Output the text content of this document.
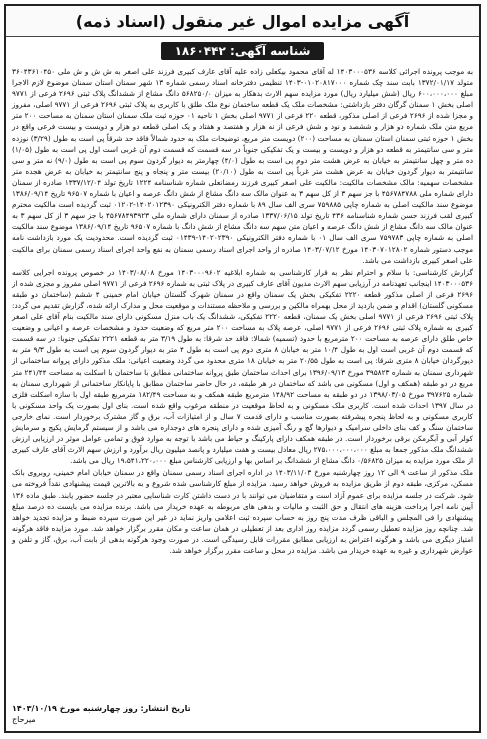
آگهی مزایده اموال غیر منقول (اسناد ذمه)
شناسه آگهی: ۱۸۶۰۴۴۲

به موجب پرونده اجرائی کلاسه ۱۴۰۳۰۰۰۵۳۶ له آقای محمود بیکعلی زاده علیه آقای عارف کبیری فرزند علی اصغر به ش ش و ش ملی ۳۶۰۴۳۶۱۰۴۵۰ متولد ۱۳۷۲/۰۱/۱۷ بابت سند چک شماره ۰۱۰۲۰۸۱۷۰۰۰-۱۴۰۳ تنظیمی دفترخانه اسناد رسمی شماره ۱۳ شهر سمنان استان سمنان موضوع لازم الاجرا مبلغ ۶۰۰،۰۰۰،۰۰۰ ریال (شش میلیارد ریال) مورد مزایده سهم الارث بدهکار به میزان ۵۶۸۲۵۰/۰ دانگ مشاع از ششدانگ پلاک ثبتی ۲۶۹۶ فرعی از ۹۷۷۱ اصلی بخش ۱ سمنان گرگان دفتر بازداشتی: مشخصات ملک یک قطعه ساختمان نوع ملک طلق با کاربری به پلاک ثبتی ۲۶۹۶ فرعی از ۹۷۷۱ اصلی، مفروز و مجزا شده از ۲۶۹۶ فرعی از اصلی مذکور، قطعه ۲۲۰ فرعی از ۹۷۷۱ اصلی بخش ۱ ناحیه ۰۱ حوزه ثبت ملک سمنان استان سمنان به مساحت ۲۰۰ متر مربع متن ملک شماره دو هزار و ششصد و نود و شش فرعی از نه هزار و هفتصد و هفتاد و یک اصلی قطعه دو هزار و دویست و بیست فرعی واقع در بخش ۱ حوزه ثبتی سمنان استان سمنان به مساحت (۲۰۰) دویست متر مربع، توضیحات ملک به حدود شمالاً فاقد حد شرقاً پی است به طول (۳/۲۹) نوزده متر و سی سانتیمتر به قطعه دو هزار و دویست و بیست و یک تفکیکی جنوباً در سه قسمت که قسمت دوم آن غربی است اول پی است به طول (۱/۰۵) ده متر و چهل سانتیمتر به خیابان به عرض هشت متر دوم پی است به طول (۴/۰) چهارمتر به دیوار گردون سوم پی است به طول (۹/۰) نه متر و سی سانتیمتر به دیوار گردون خیابان به عرض هشت متر غرباً پی است به طول (۲۰/۱۰) بیست متر و پنجاه و پنج سانتیمتر به خیابان به عرض هجده متر مشخصات سهمیه: مالک مشخصات مالکیت: مالکیت علی اصغر کبیری فرزند رمضانعلی شماره شناسنامه ۱۲۲۴ تاریخ تولد ۱۳۳۷/۱۲/۰۴ صادره از سمنان دارای شماره ملی ۴۵۶۷۸۴۷۸۸ با جز سهم ۳ از کل سهم ۳ به عنوان مالک سه دانگ مشاع از شش دانگ عرصه و اعیان با شماره ۹۶۵۰۷ تاریخ ۱۳۸۶/۰۹/۱۴ موضوع سند مالکیت اصلی به شماره چاپی ۷۵۹۸۸۵ سری الف سال ۸۹ با شماره دفتر الکترونیکی ۱۴۰۲۰۱۲۳۹۰-۰۱۲۰۲ ثبت گردیده است مالکیت محترم کبیری لقب فرزند حسن شماره شناسنامه ۴۳۶ تاریخ تولد ۱۳۳۷/۰۶/۱۵ صادره از سمنان دارای شماره ملی ۴۵۶۷۸۴۹۳۹۲۳ با جز سهم ۳ از کل سهم ۳ به عنوان مالک سه دانگ مشاع از شش دانگ عرصه و اعیان متن سهم سه دانگ مشاع از شش دانگ با شماره ۹۶۵۰۷ تاریخ ۱۳۸۶/۰۹/۱۴ موضوع سند مالکیت اصلی به شماره چاپی ۷۵۹۷۸۳ سری الف سال ۰۱ با شماره دفتر الکترونیکی ۱۴۰۲۰۲۳۹۰-۰۱۴۳۹ ثبت گردیده است. محدودیت یک مورد بازداشت نامه موجب دستور شماره ۱۴۰۳۰۷۰۱۲۸۰۲ مورخ ۱۴۰۳/۰۷/۱۲ صادره از واحد اجرای اسناد رسمی سمنان به نفع واحد اجرای اسناد رسمی سمنان برای مالکیت علی اصغر کبیری بازداشت می باشد.

گزارش کارشناسی: با سلام و احترام نظر به قرار کارشناسی به شماره ابلاغیه ۱۴۰۳۰۰۰۹۶۰۲ مورخ ۱۴۰۳/۰۸/۰۸ در خصوص پرونده اجرایی کلاسه ۱۴۰۳۰۰۰۵۳۶ اینجانب تعهدنامه در آرزیابی سهم الارث مدیون آقای عارف کبیری در پلاک ثبتی به شماره ۲۶۹۶ فرعی از ۹۷۷۱ اصلی مفروز و مجزی شده از ۲۶۹۶ فرعی از اصلی مذکور قطعه ۲۲۲۰ تفکیکی بخش یک سمنان واقع در سمنان شهرک گلستان خیابان امام خمینی ۴ ششم (ساختمان دو طبقه مسکونی گلستان) اقدام و ضمن بازدید از محل بهمراه مالکین و بررسی و ملاحظه مستندات و موقعیت محل و مدارک ارائه شده، گزارش تقدیم می گردد: پلاک ثبتی ۲۶۹۶ فرعی از ۹۷۷۱ اصلی بخش یک سمنان، قطعه ۲۲۲۰ تفکیکی، ششدانگ یک باب منزل مسکونی دارای سند مالکیت بنام آقای علی اصغر کبیری به شماره پلاک ثبتی ۲۶۹۶ فرعی از ۹۷۷۱ اصلی، عرصه پلاک به مساحت ۲۰۰ متر مربع که وضعیت حدود و مشخصات عرصه و اعیانی و وضعیت خاص طلق دارای عرصه به مساحت ۲۰۰ مترمربع با حدود (تسمیه) شمالا: فاقد حد شرقا: به طول ۳/۱۹ متر به قطعه ۲۲۲۱ تفکیکی جنوبا: در سه قسمت که قسمت دوم آن غربی است اول به طول ۱۰/۴ متر به خیابان ۸ متری دوم پی است به طول ۴ متر به دیوار گردون سوم پی است به طول ۹/۳ متر به دیورگردان خیابان ۸ متری شرقا: پی است به طول ۲۰/۵۵ متر به خیابان ۱۸ متری محدود می گردد وضعیت اعیانی: ملک مذکور دارای پروانه ساختمانی از شهرداری سمنان به شماره ۳۹۵۸۲۳ مورخ ۱۳۹۶/۰۹/۱۳ برای احداث ساختمان طبق پروانه ساختمانی مطابق با ساختمان با اسکلت به مساحت ۲۴۱/۴۴ متر مربع در دو طبقه (همکف و اول) مسکونی می باشد که ساختمان در هر طبقه، در حال حاضر ساختمان مطابق با پایانکار ساختمانی از شهرداری سمنان به شماره ۳۹۷۶۲۵ مورخ ۱۳۹۸/۰۳/۰۵ در دو طبقه به مساحت ۱۴۸/۹۲ مترمربع طبقه همکف و به مساحت ۱۸۲/۴۹ مترمربع طبقه اول با سازه اسکلت فلزی در سال ۱۳۹۷ احداث شده است. کاربری ملک مسکونی و به لحاظ موقعیت در منطقه مرغوب واقع شده است. بنای اول بصورت یک واحد مسکونی با کاربری مسکونی و به لحاظ پنجره پیشرفته بصورت مناسب و دارای قدمت ۷ سال و از امتیازات آب، برق و گاز مشترک برخوردار است. نمای خارجی ساختمان سنگ و کف بنای داخلی سرامیک و دیوارها گچ و رنگ آمیزی شده و دارای پنجره های دوجداره می باشد و از سیستم گرمایش پکیج و سرمایش کولر آبی و آبگرمکن برقی برخوردار است. در طبقه همکف دارای پارکینگ و حیاط می باشد با توجه به موارد فوق و تمامی عوامل موثر در ارزیابی ارزش ششدانگ ملک مذکور جمعا به مبلغ ۲۷۵،۰۰۰،۰۰۰،۰۰۰ ریال معادل بیست و هفت میلیارد و پانصد میلیون ریال برآورد و ارزش سهم الارث آقای عارف کبیری از ملک مورد مزایده به میزان ۰/۵۶۸۲۵ دانگ مشاع از ششدانگ بر اساس بها و ارزیابی کارشناس مبلغ ۱۹،۵۴۱،۲۲۰،۰۰۰ ریال می باشد.

ملک مذکور از ساعت ۹ الی ۱۲ روز چهارشنبه مورخ ۱۴۰۳/۱۱/۰۳ در اداره اجرای اسناد رسمی سمنان واقع در سمنان خیابان امام خمینی، روبروی بانک مسکن، مرکزی، طبقه دوم از طریق مزایده به فروش خواهد رسید. مزایده از مبلغ کارشناسی شده شروع و به بالاترین قیمت پیشنهادی نقداً فروخته می شود. شرکت در جلسه مزایده برای عموم آزاد است و متقاضیان می توانند با در دست داشتن کارت شناسایی معتبر در جلسه حضور یابند. طبق ماده ۱۳۶ آیین نامه اجرا پرداخت هزینه های انتقال و حق الثبت و مالیات و بدهی های مربوطه به عهده خریدار می باشد. برنده مزایده می بایست ده درصد مبلغ پیشنهادی را فی المجلس و الباقی ظرف مدت پنج روز به حساب سپرده ثبت اعلامی واریز نماید در غیر این صورت سپرده ضبط و مزایده تجدید خواهد شد. چنانچه روز مزایده تعطیل رسمی گردد مزایده روز اداری بعد از تعطیلی در همان ساعت و مکان مقرر برگزار خواهد شد. مورد مزایده فاقد هرگونه امتیاز دیگری می باشد و هرگونه اعتراض به ارزیابی مطابق مقررات قابل رسیدگی است. در صورت وجود هرگونه بدهی از بابت آب، برق، گاز و تلفن و عوارض شهرداری و غیره به عهده خریدار می باشد. مزایده در محل و ساعت مقرر برگزار خواهد شد.

تاریخ انتشار: روز چهارشنبه مورخ ۱۴۰۳/۱۰/۱۹
میرحاج
